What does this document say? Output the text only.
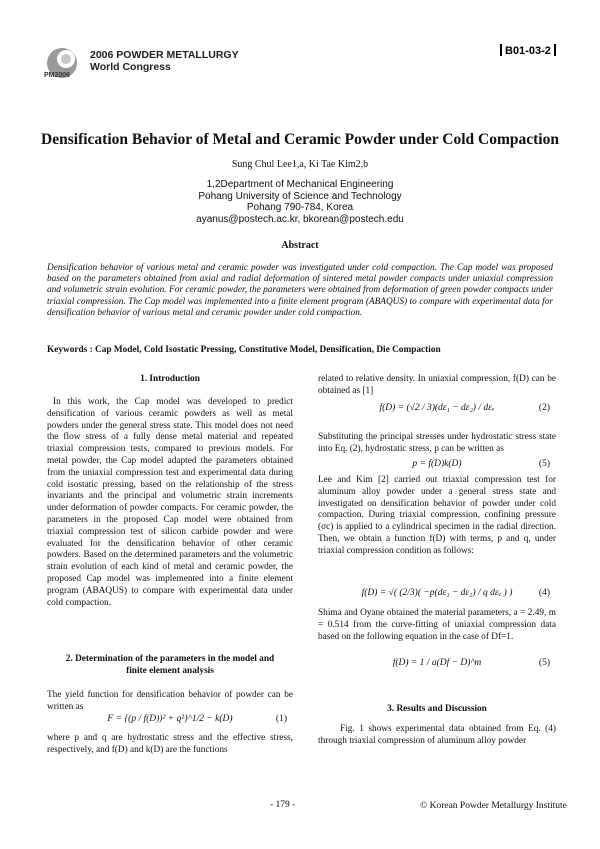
PM2006
2006 POWDER METALLURGY
World Congress
B01-03-2
Densification Behavior of Metal and Ceramic Powder under Cold Compaction
Sung Chul Lee1,a, Ki Tae Kim2,b
1,2Department of Mechanical Engineering
Pohang University of Science and Technology
Pohang 790-784, Korea
ayanus@postech.ac.kr, bkorean@postech.edu
Abstract
Densification behavior of various metal and ceramic powder was investigated under cold compaction. The Cap model was proposed based on the parameters obtained from axial and radial deformation of sintered metal powder compacts under uniaxial compression and volumetric strain evolution. For ceramic powder, the parameters were obtained from deformation of green powder compacts under triaxial compression. The Cap model was implemented into a finite element program (ABAQUS) to compare with experimental data for densification behavior of various metal and ceramic powder under cold compaction.
Keywords : Cap Model, Cold Isostatic Pressing, Constitutive Model, Densification, Die Compaction
1. Introduction
In this work, the Cap model was developed to predict densification of various ceramic powders as well as metal powders under the general stress state. This model does not need the flow stress of a fully dense metal material and repeated triaxial compression tests, compared to previous models. For metal powder, the Cap model adapted the parameters obtained from the uniaxial compression test and experimental data during cold isostatic pressing, based on the relationship of the stress invariants and the principal and volumetric strain increments under deformation of powder compacts. For ceramic powder, the parameters in the proposed Cap model were obtained from triaxial compression test of silicon carbide powder and were evaluated for the densification behavior of other ceramic powders. Based on the determined parameters and the volumetric strain evolution of each kind of metal and ceramic powder, the proposed Cap model was implemented into a finite element program (ABAQUS) to compare with experimental data under cold compaction.
2. Determination of the parameters in the model and
finite element analysis
The yield function for densification behavior of powder can be written as
F = {(p / f(D))² + q²}^1/2 − k(D)	(1)
where p and q are hydrostatic stress and the effective stress, respectively, and f(D) and k(D) are the functions
related to relative density. In uniaxial compression, f(D) can be obtained as [1]
f(D) = (√2 / 3)(dε₁ − dε₂) / dεᵥ	(2)
Substituting the principal stresses under hydrostatic stress state into Eq. (2), hydrostatic stress, p can be written as
p = f(D)k(D)	(5)
Lee and Kim [2] carried out triaxial compression test for aluminum alloy powder under a general stress state and investigated on densification behavior of powder under cold compaction. During triaxial compression, confining pressure (σc) is applied to a cylindrical specimen in the radial direction. Then, we obtain a function f(D) with terms, p and q, under triaxial compression condition as follows:
f(D) = √( (2/3)( −p(dε₁ − dε₂) / q dεᵥ ) )	(4)
Shima and Oyane obtained the material parameters, a = 2.49, m = 0.514 from the curve-fitting of uniaxial compression data based on the following equation in the case of Df=1.
f(D) = 1 / a(Df − D)^m	(5)
3. Results and Discussion
Fig. 1 shows experimental data obtained from Eq. (4) through triaxial compression of aluminum alloy powder
- 179 -	© Korean Powder Metallurgy Institute
